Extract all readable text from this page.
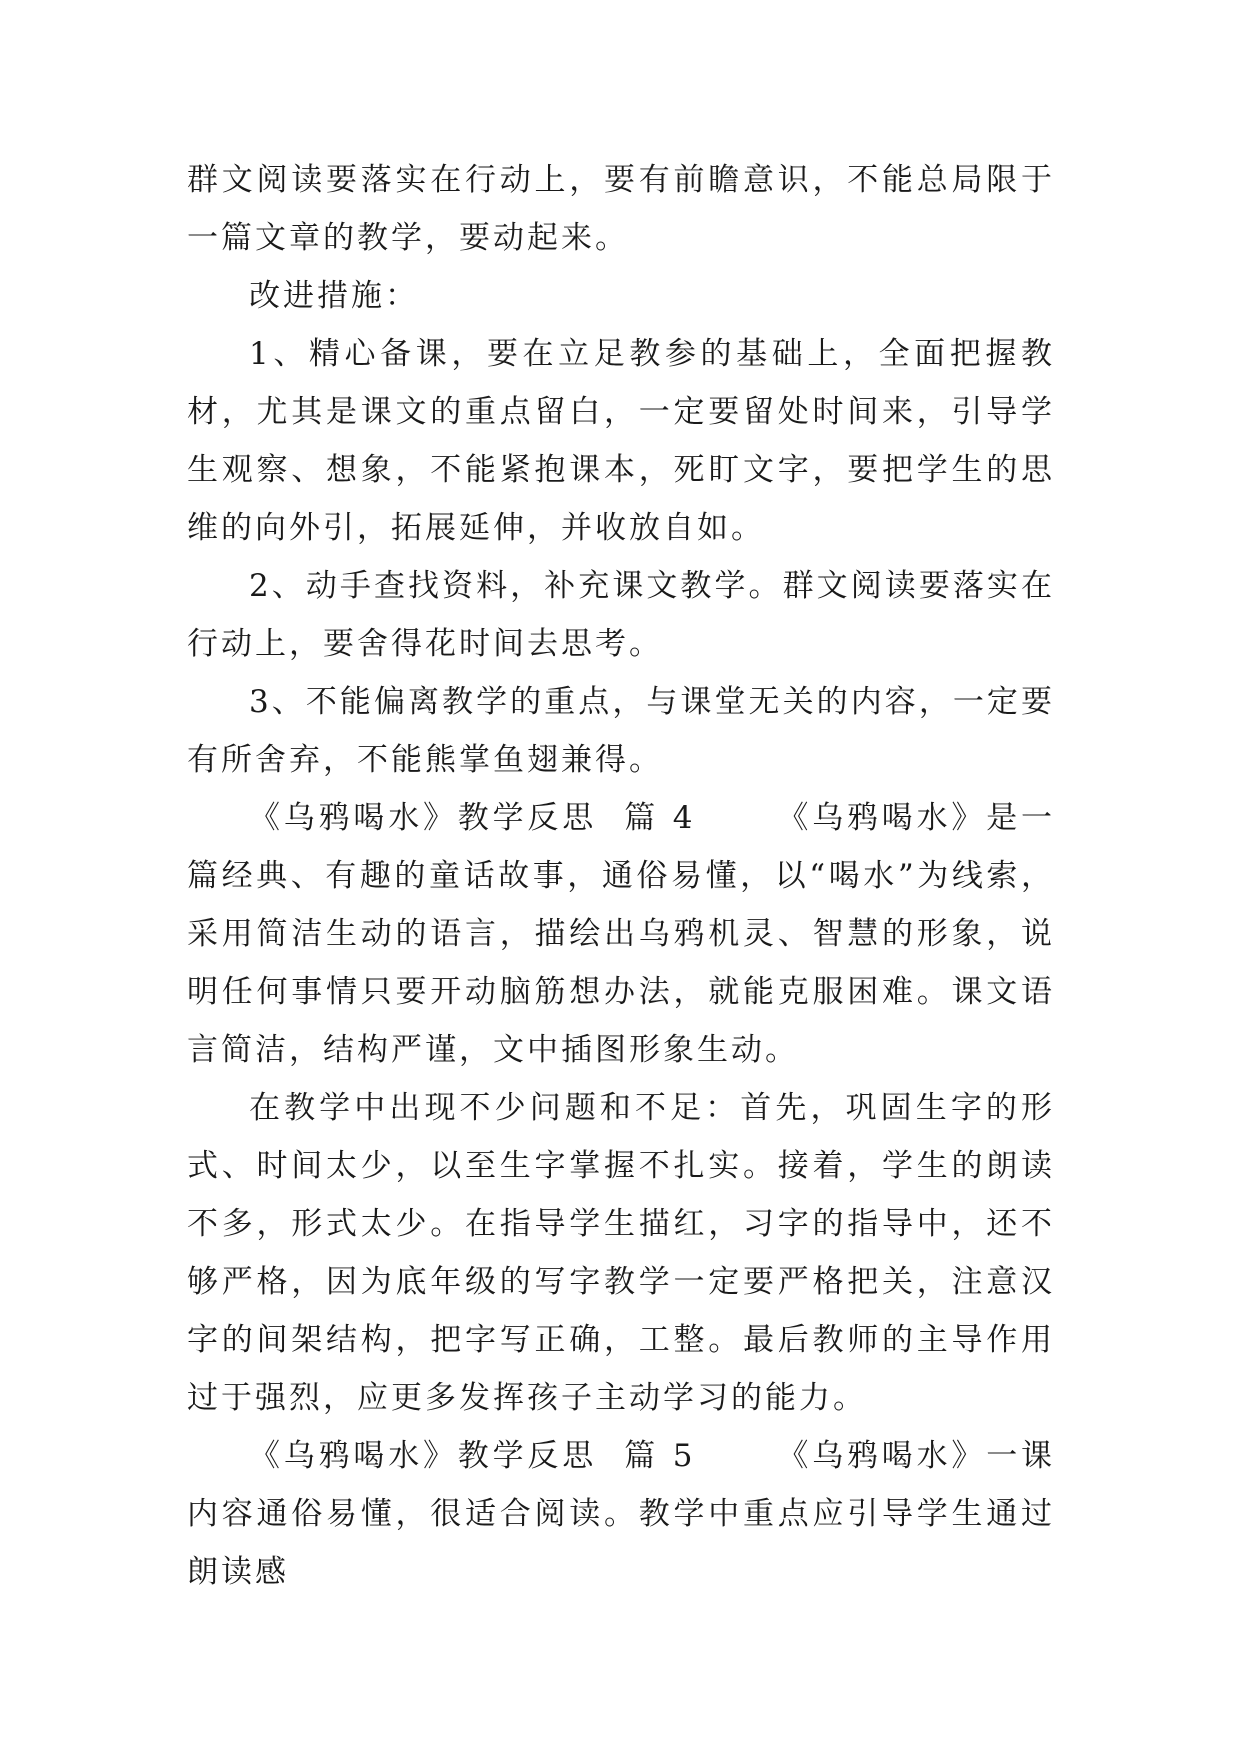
群文阅读要落实在行动上，要有前瞻意识，不能总局限于一篇文章的教学，要动起来。

改进措施：

1、精心备课，要在立足教参的基础上，全面把握教材，尤其是课文的重点留白，一定要留处时间来，引导学生观察、想象，不能紧抱课本，死盯文字，要把学生的思维的向外引，拓展延伸，并收放自如。

2、动手查找资料，补充课文教学。群文阅读要落实在行动上，要舍得花时间去思考。

3、不能偏离教学的重点，与课堂无关的内容，一定要有所舍弃，不能熊掌鱼翅兼得。

《乌鸦喝水》教学反思  篇 4	《乌鸦喝水》是一篇经典、有趣的童话故事，通俗易懂，以“喝水”为线索，采用简洁生动的语言，描绘出乌鸦机灵、智慧的形象，说明任何事情只要开动脑筋想办法，就能克服困难。课文语言简洁，结构严谨，文中插图形象生动。

在教学中出现不少问题和不足：首先，巩固生字的形式、时间太少，以至生字掌握不扎实。接着，学生的朗读不多，形式太少。在指导学生描红，习字的指导中，还不够严格，因为底年级的写字教学一定要严格把关，注意汉字的间架结构，把字写正确，工整。最后教师的主导作用过于强烈，应更多发挥孩子主动学习的能力。

《乌鸦喝水》教学反思  篇 5	《乌鸦喝水》一课内容通俗易懂，很适合阅读。教学中重点应引导学生通过朗读感
